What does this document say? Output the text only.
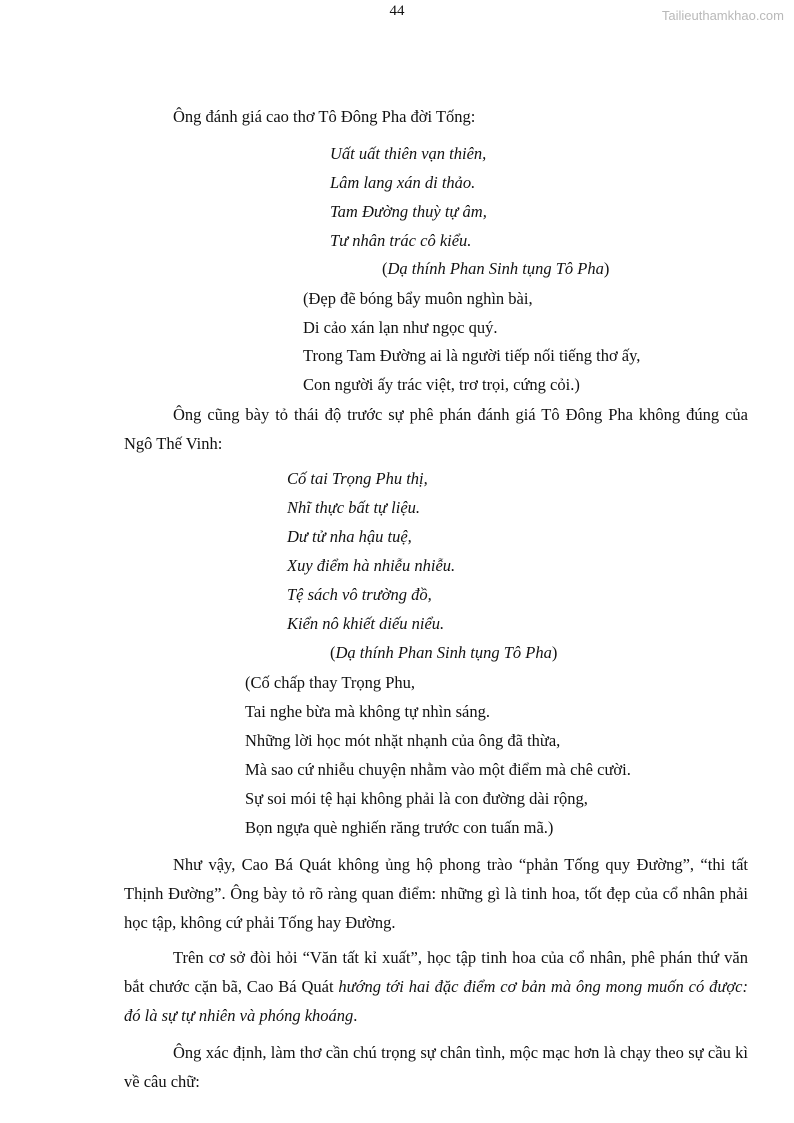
44	Tailieuthamkhao.com
Ông đánh giá cao thơ Tô Đông Pha đời Tống:
Uất uất thiên vạn thiên,
Lâm lang xán di thảo.
Tam Đường thuỳ tự âm,
Tư nhân trác cô kiểu.
(Dạ thính Phan Sinh tụng Tô Pha)
(Đẹp đẽ bóng bẩy muôn nghìn bài,
Di cảo xán lạn như ngọc quý.
Trong Tam Đường ai là người tiếp nối tiếng thơ ấy,
Con người ấy trác việt, trơ trọi, cứng cỏi.)
Ông cũng bày tỏ thái độ trước sự phê phán đánh giá Tô Đông Pha không đúng của Ngô Thế Vinh:
Cố tai Trọng Phu thị,
Nhĩ thực bất tự liệu.
Dư tử nha hậu tuệ,
Xuy điểm hà nhiễu nhiễu.
Tệ sách vô trường đồ,
Kiển nô khiết diếu niểu.
(Dạ thính Phan Sinh tụng Tô Pha)
(Cố chấp thay Trọng Phu,
Tai nghe bừa mà không tự nhìn sáng.
Những lời học mót nhặt nhạnh của ông đã thừa,
Mà sao cứ nhiễu chuyện nhằm vào một điểm mà chê cười.
Sự soi mói tệ hại không phải là con đường dài rộng,
Bọn ngựa què nghiến răng trước con tuấn mã.)
Như vậy, Cao Bá Quát không ủng hộ phong trào “phản Tống quy Đường”, “thi tất Thịnh Đường”. Ông bày tỏ rõ ràng quan điểm: những gì là tinh hoa, tốt đẹp của cổ nhân phải học tập, không cứ phải Tống hay Đường.
Trên cơ sở đòi hỏi “Văn tất kỉ xuất”, học tập tinh hoa của cổ nhân, phê phán thứ văn bắt chước cặn bã, Cao Bá Quát hướng tới hai đặc điểm cơ bản mà ông mong muốn có được: đó là sự tự nhiên và phóng khoáng.
Ông xác định, làm thơ cần chú trọng sự chân tình, mộc mạc hơn là chạy theo sự cầu kì về câu chữ:
